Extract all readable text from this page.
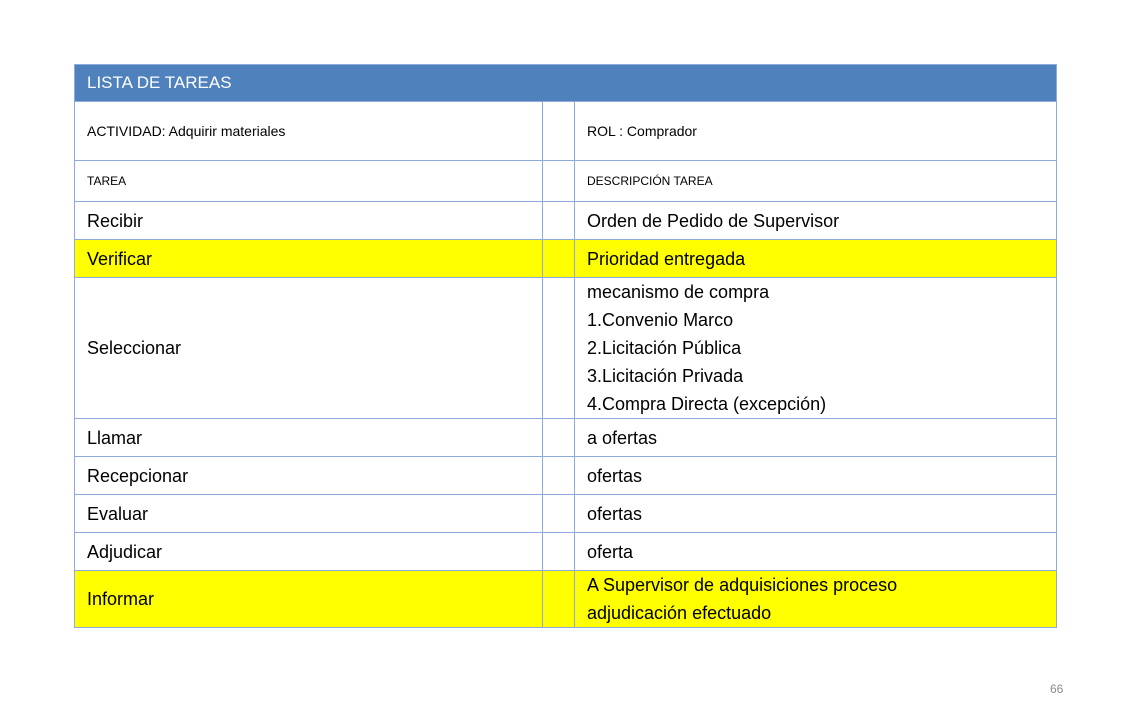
LISTA DE TAREAS		
ACTIVIDAD: Adquirir materiales		ROL : Comprador
TAREA		DESCRIPCIÓN TAREA
Recibir		Orden de Pedido de Supervisor

Verificar		Prioridad entregada

Seleccionar		mecanismo de compra
1.Convenio Marco
2.Licitación Pública
3.Licitación Privada
4.Compra Directa (excepción)

Llamar		a ofertas

Recepcionar		ofertas

Evaluar		ofertas

Adjudicar		oferta

Informar		A Supervisor de adquisiciones proceso
adjudicación efectuado
66
